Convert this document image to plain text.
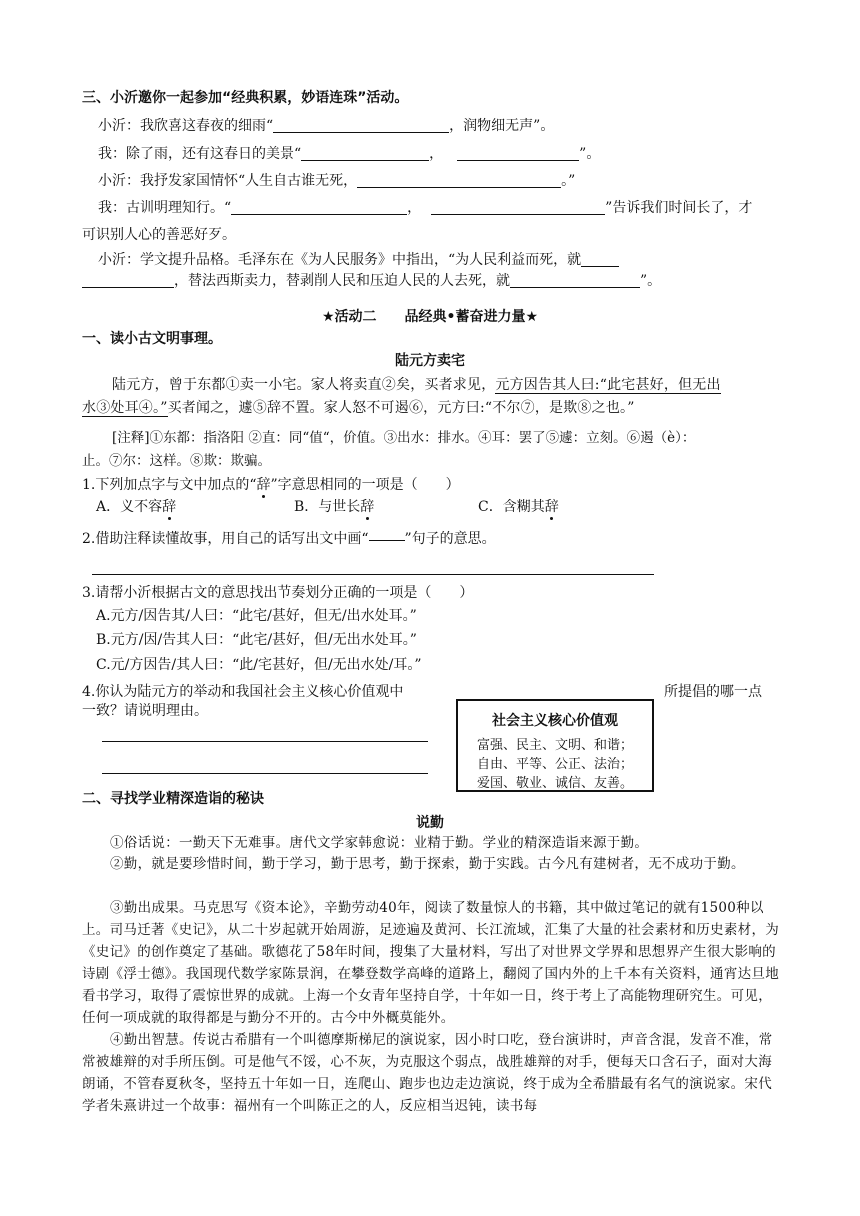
三、小沂邀你一起参加“经典积累，妙语连珠”活动。
小沂：我欣喜这春夜的细雨“	，润物细无声”。
我：除了雨，还有这春日的美景“	，	”。
小沂：我抒发家国情怀“人生自古谁无死，	。”
我：古训明理知行。“	，	”告诉我们时间长了，才
可识别人心的善恶好歹。
小沂：学文提升品格。毛泽东在《为人民服务》中指出，“为人民利益而死，就
，替法西斯卖力，替剥削人民和压迫人民的人去死，就	”。
★活动二　　品经典•蓄奋进力量★
一、读小古文明事理。
陆元方卖宅
陆元方，曾于东都①卖一小宅。家人将卖直②矣，买者求见，元方因告其人曰:“此宅甚好，但无出
水③处耳④。”买者闻之，遽⑤辞不置。家人怒不可遏⑥，元方曰:“不尔⑦，是欺⑧之也。”
[注释]①东都：指洛阳 ②直：同“值“，价值。③出水：排水。④耳：罢了⑤遽：立刻。⑥遏（è）：
止。⑦尔：这样。⑧欺：欺骗。
1.下列加点字与文中加点的“辞”字意思相同的一项是（　　）
A．义不容辞	B．与世长辞	C．含糊其辞
2.借助注释读懂故事，用自己的话写出文中画“	”句子的意思。
3.请帮小沂根据古文的意思找出节奏划分正确的一项是（　　）
A.元方/因告其/人曰：“此宅/甚好，但无/出水处耳。”
B.元方/因/告其人曰：“此宅/甚好，但/无出水处耳。”
C.元/方因告/其人曰：“此/宅甚好，但/无出水处/耳。”
4.你认为陆元方的举动和我国社会主义核心价值观中	所提倡的哪一点
一致？请说明理由。
社会主义核心价值观
富强、民主、文明、和谐；
自由、平等、公正、法治；
爱国、敬业、诚信、友善。
二、寻找学业精深造诣的秘诀
说勤
①俗话说：一勤天下无难事。唐代文学家韩愈说：业精于勤。学业的精深造诣来源于勤。
②勤，就是要珍惜时间，勤于学习，勤于思考，勤于探索，勤于实践。古今凡有建树者，无不成功于勤。
③勤出成果。马克思写《资本论》，辛勤劳动40年，阅读了数量惊人的书籍，其中做过笔记的就有1500种以上。司马迁著《史记》，从二十岁起就开始周游，足迹遍及黄河、长江流域，汇集了大量的社会素材和历史素材，为《史记》的创作奠定了基础。歌德花了58年时间，搜集了大量材料，写出了对世界文学界和思想界产生很大影响的诗剧《浮士德》。我国现代数学家陈景润，在攀登数学高峰的道路上，翻阅了国内外的上千本有关资料，通宵达旦地看书学习，取得了震惊世界的成就。上海一个女青年坚持自学，十年如一日，终于考上了高能物理研究生。可见，任何一项成就的取得都是与勤分不开的。古今中外概莫能外。
④勤出智慧。传说古希腊有一个叫德摩斯梯尼的演说家，因小时口吃，登台演讲时，声音含混，发音不准，常常被雄辩的对手所压倒。可是他气不馁，心不灰，为克服这个弱点，战胜雄辩的对手，便每天口含石子，面对大海朗诵，不管春夏秋冬，坚持五十年如一日，连爬山、跑步也边走边演说，终于成为全希腊最有名气的演说家。宋代学者朱熹讲过一个故事：福州有一个叫陈正之的人，反应相当迟钝，读书每
